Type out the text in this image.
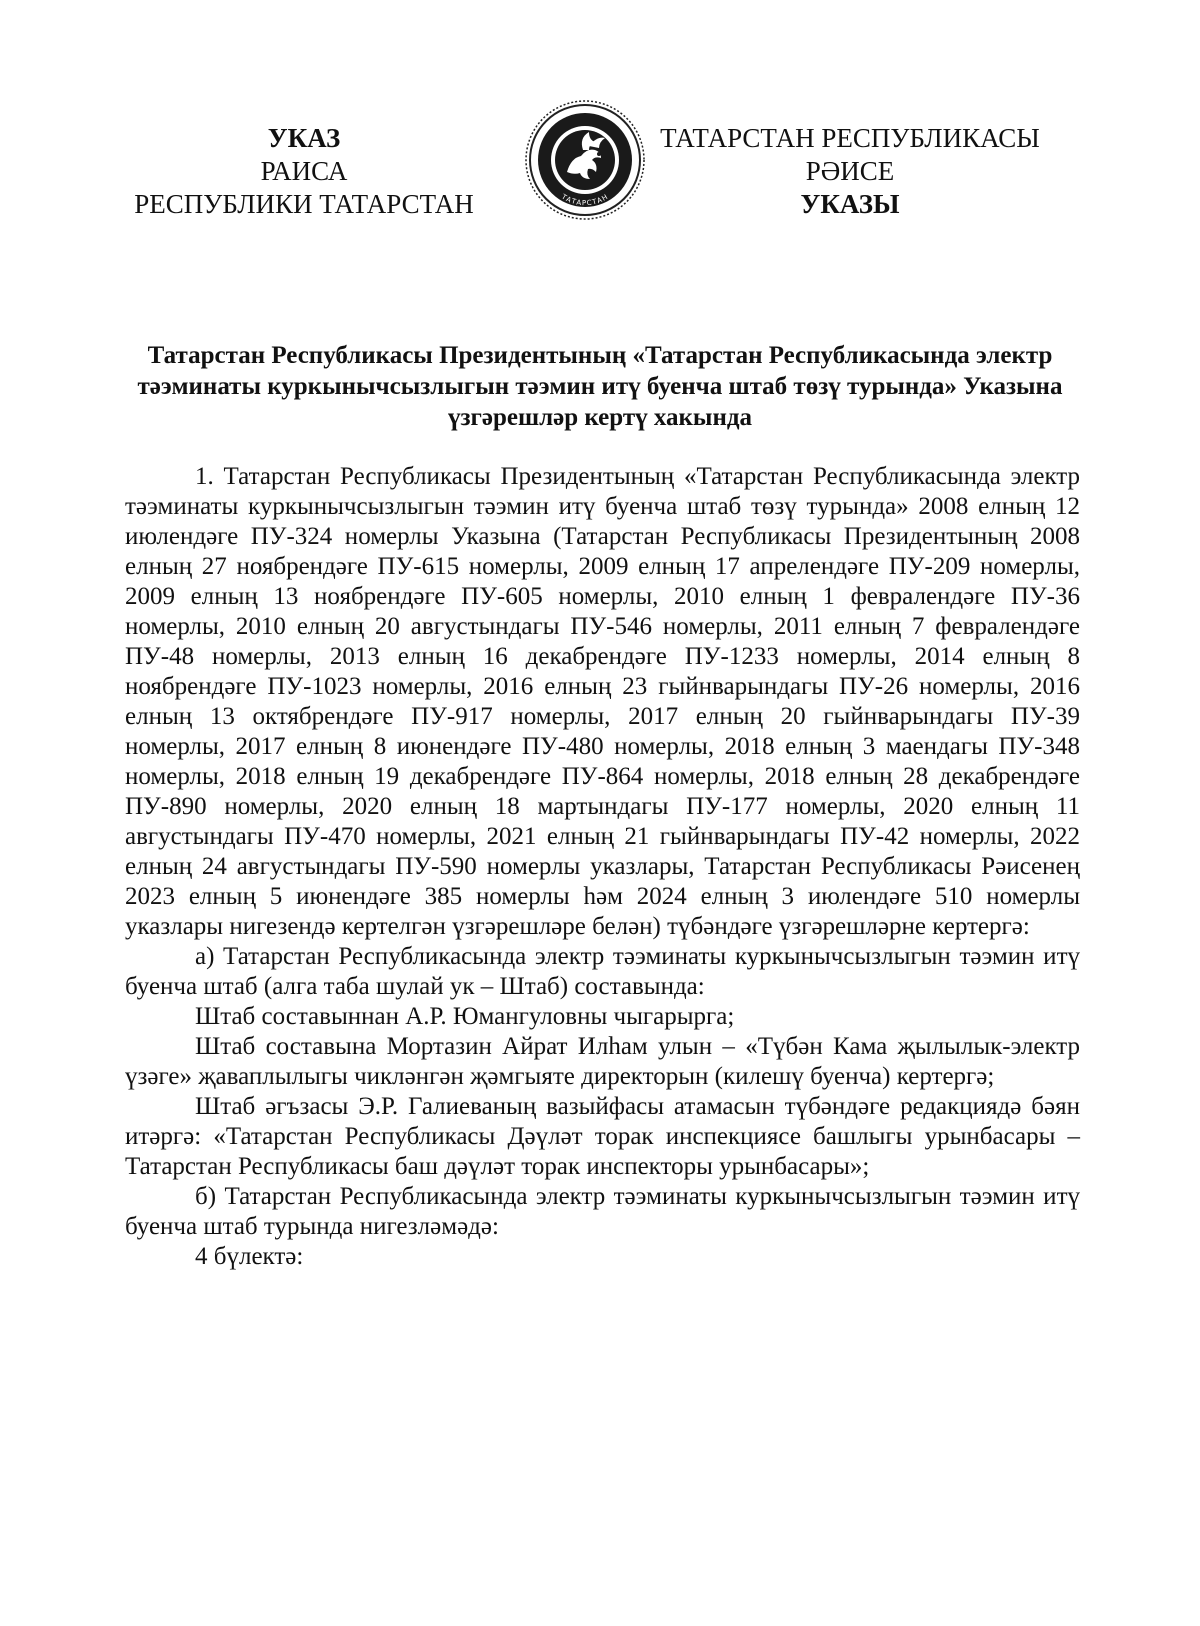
УКАЗ
РАИСА
РЕСПУБЛИКИ ТАТАРСТАН	ТАТАРСТАН
ТАТАРСТАН РЕСПУБЛИКАСЫ
РӘИСЕ
УКАЗЫ
Татарстан Республикасы Президентының «Татарстан Республикасында электр тәэминаты куркынычсызлыгын тәэмин итү буенча штаб төзү турында» Указына үзгәрешләр кертү хакында

1. Татарстан Республикасы Президентының «Татарстан Республикасында электр тәэминаты куркынычсызлыгын тәэмин итү буенча штаб төзү турында» 2008 елның 12 июлендәге ПУ-324 номерлы Указына (Татарстан Республикасы Президентының 2008 елның 27 ноябрендәге ПУ-615 номерлы, 2009 елның 17 апрелендәге ПУ-209 номерлы, 2009 елның 13 ноябрендәге ПУ-605 номерлы, 2010 елның 1 февралендәге ПУ-36 номерлы, 2010 елның 20 августындагы ПУ-546 номерлы, 2011 елның 7 февралендәге ПУ-48 номерлы, 2013 елның 16 декабрендәге ПУ-1233 номерлы, 2014 елның 8 ноябрендәге ПУ-1023 номерлы, 2016 елның 23 гыйнварындагы ПУ-26 номерлы, 2016 елның 13 октябрендәге ПУ-917 номерлы, 2017 елның 20 гыйнварындагы ПУ-39 номерлы, 2017 елның 8 июнендәге ПУ-480 номерлы, 2018 елның 3 маендагы ПУ-348 номерлы, 2018 елның 19 декабрендәге ПУ-864 номерлы, 2018 елның 28 декабрендәге ПУ-890 номерлы, 2020 елның 18 мартындагы ПУ-177 номерлы, 2020 елның 11 августындагы ПУ-470 номерлы, 2021 елның 21 гыйнварындагы ПУ-42 номерлы, 2022 елның 24 августындагы ПУ-590 номерлы указлары, Татарстан Республикасы Рәисенең 2023 елның 5 июнендәге 385 номерлы һәм 2024 елның 3 июлендәге 510 номерлы указлары нигезендә кертелгән үзгәрешләре белән) түбәндәге үзгәрешләрне кертергә:

а) Татарстан Республикасында электр тәэминаты куркынычсызлыгын тәэмин итү буенча штаб (алга таба шулай ук – Штаб) составында:

Штаб составыннан А.Р. Юмангуловны чыгарырга;

Штаб составына Мортазин Айрат Илһам улын – «Түбән Кама җылылык-электр үзәге» җаваплылыгы чикләнгән җәмгыяте директорын (килешү буенча) кертергә;

Штаб әгъзасы Э.Р. Галиеваның вазыйфасы атамасын түбәндәге редакциядә бәян итәргә: «Татарстан Республикасы Дәүләт торак инспекциясе башлыгы урынбасары – Татарстан Республикасы баш дәүләт торак инспекторы урынбасары»;

б) Татарстан Республикасында электр тәэминаты куркынычсызлыгын тәэмин итү буенча штаб турында нигезләмәдә:

4 бүлектә:
